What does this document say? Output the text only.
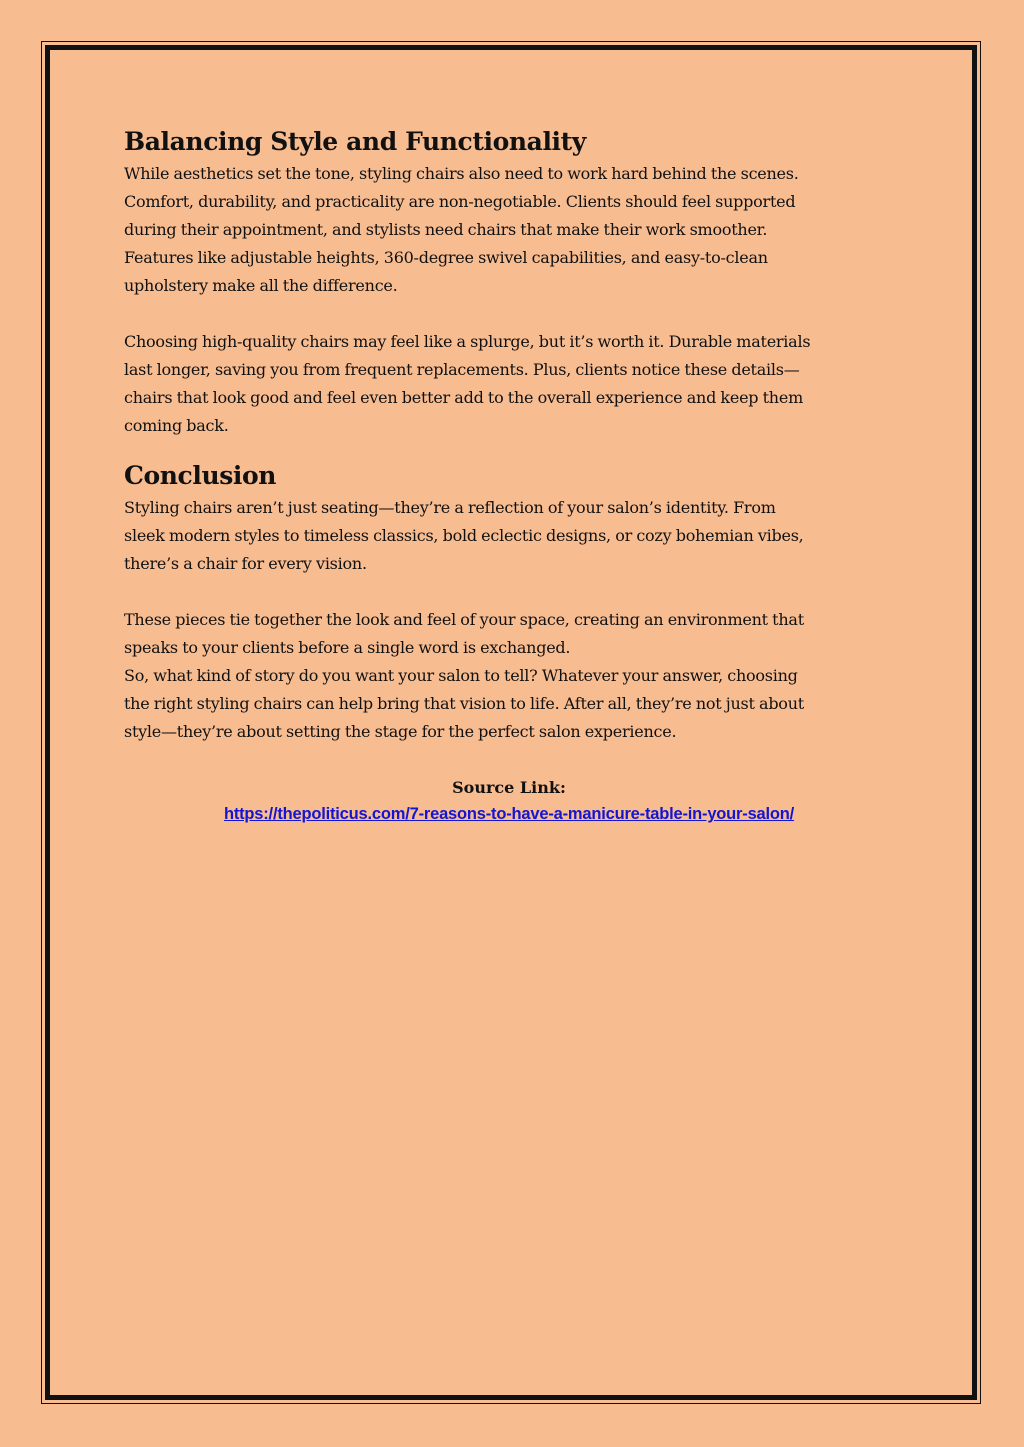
Balancing Style and Functionality

While aesthetics set the tone, styling chairs also need to work hard behind the scenes.
Comfort, durability, and practicality are non-negotiable. Clients should feel supported
during their appointment, and stylists need chairs that make their work smoother.
Features like adjustable heights, 360-degree swivel capabilities, and easy-to-clean
upholstery make all the difference.

Choosing high-quality chairs may feel like a splurge, but it’s worth it. Durable materials
last longer, saving you from frequent replacements. Plus, clients notice these details—
chairs that look good and feel even better add to the overall experience and keep them
coming back.

Conclusion

Styling chairs aren’t just seating—they’re a reflection of your salon’s identity. From
sleek modern styles to timeless classics, bold eclectic designs, or cozy bohemian vibes,
there’s a chair for every vision.

These pieces tie together the look and feel of your space, creating an environment that
speaks to your clients before a single word is exchanged.
So, what kind of story do you want your salon to tell? Whatever your answer, choosing
the right styling chairs can help bring that vision to life. After all, they’re not just about
style—they’re about setting the stage for the perfect salon experience.

Source Link:
https://thepoliticus.com/7-reasons-to-have-a-manicure-table-in-your-salon/
